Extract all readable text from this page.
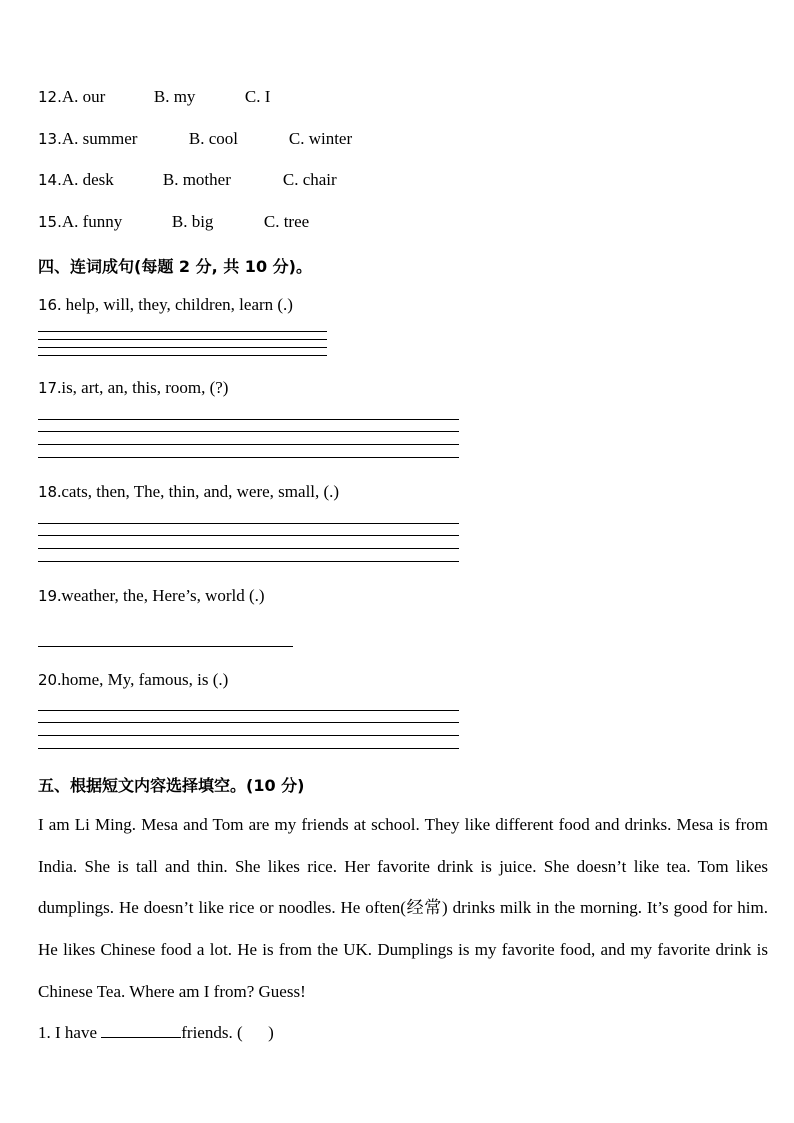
12.A. our	B. my	C. I
13.A. summer	B. cool	C. winter
14.A. desk	B. mother	C. chair
15.A. funny	B. big	C. tree
四、连词成句(每题 2 分, 共 10 分)。
16. help, will, they, children, learn (.)
17.is, art, an, this, room, (?)
18.cats, then, The, thin, and, were, small, (.)
19.weather, the, Here’s, world (.)
20.home, My, famous, is (.)
五、根据短文内容选择填空。(10 分)
I am Li Ming. Mesa and Tom are my friends at school. They like different food and drinks. Mesa is from India. She is tall and thin. She likes rice. Her favorite drink is juice. She doesn’t like tea. Tom likes dumplings. He doesn’t like rice or noodles. He often(经常) drinks milk in the morning. It’s good for him. He likes Chinese food a lot. He is from the UK. Dumplings is my favorite food, and my favorite drink is Chinese Tea. Where am I from? Guess!
1. I have	friends. (      )
